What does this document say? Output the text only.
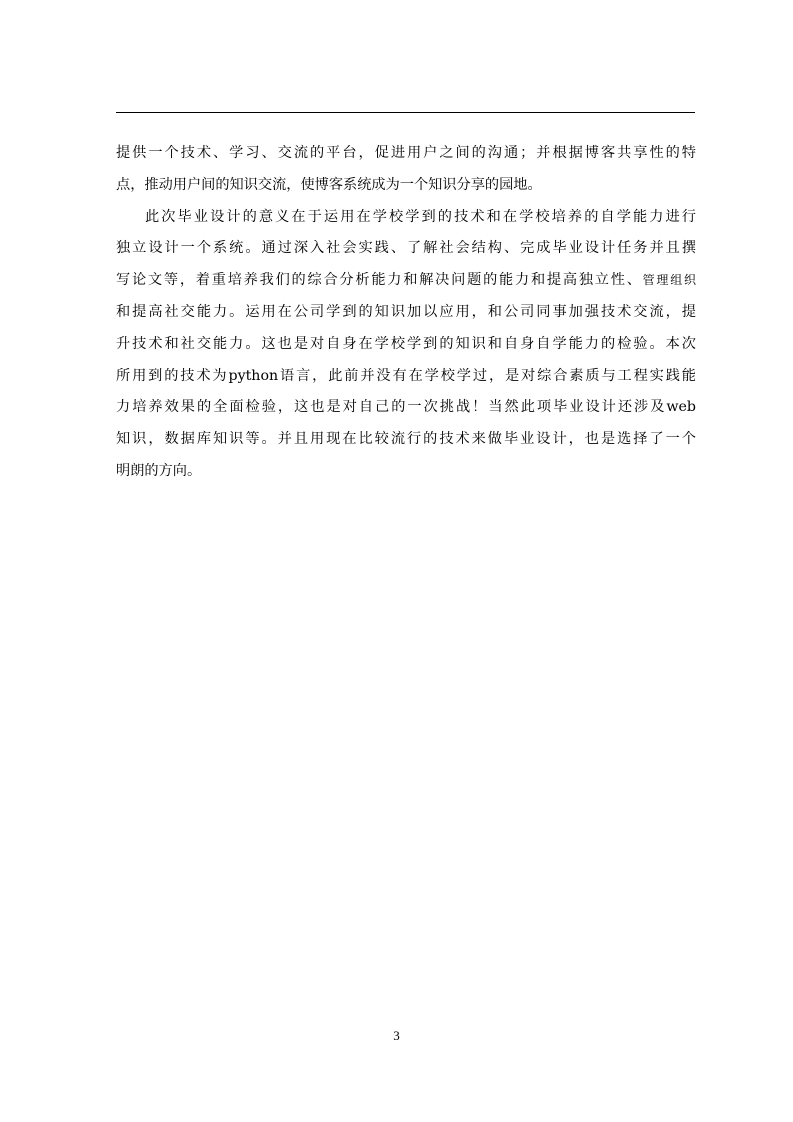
提供一个技术、学习、交流的平台，促进用户之间的沟通；并根据博客共享性的特
点，推动用户间的知识交流，使博客系统成为一个知识分享的园地。
此次毕业设计的意义在于运用在学校学到的技术和在学校培养的自学能力进行
独立设计一个系统。通过深入社会实践、了解社会结构、完成毕业设计任务并且撰
写论文等，着重培养我们的综合分析能力和解决问题的能力和提高独立性、管理组织
和提高社交能力。运用在公司学到的知识加以应用，和公司同事加强技术交流，提
升技术和社交能力。这也是对自身在学校学到的知识和自身自学能力的检验。本次
所用到的技术为python语言，此前并没有在学校学过，是对综合素质与工程实践能
力培养效果的全面检验，这也是对自己的一次挑战！当然此项毕业设计还涉及web
知识，数据库知识等。并且用现在比较流行的技术来做毕业设计，也是选择了一个
明朗的方向。
3
